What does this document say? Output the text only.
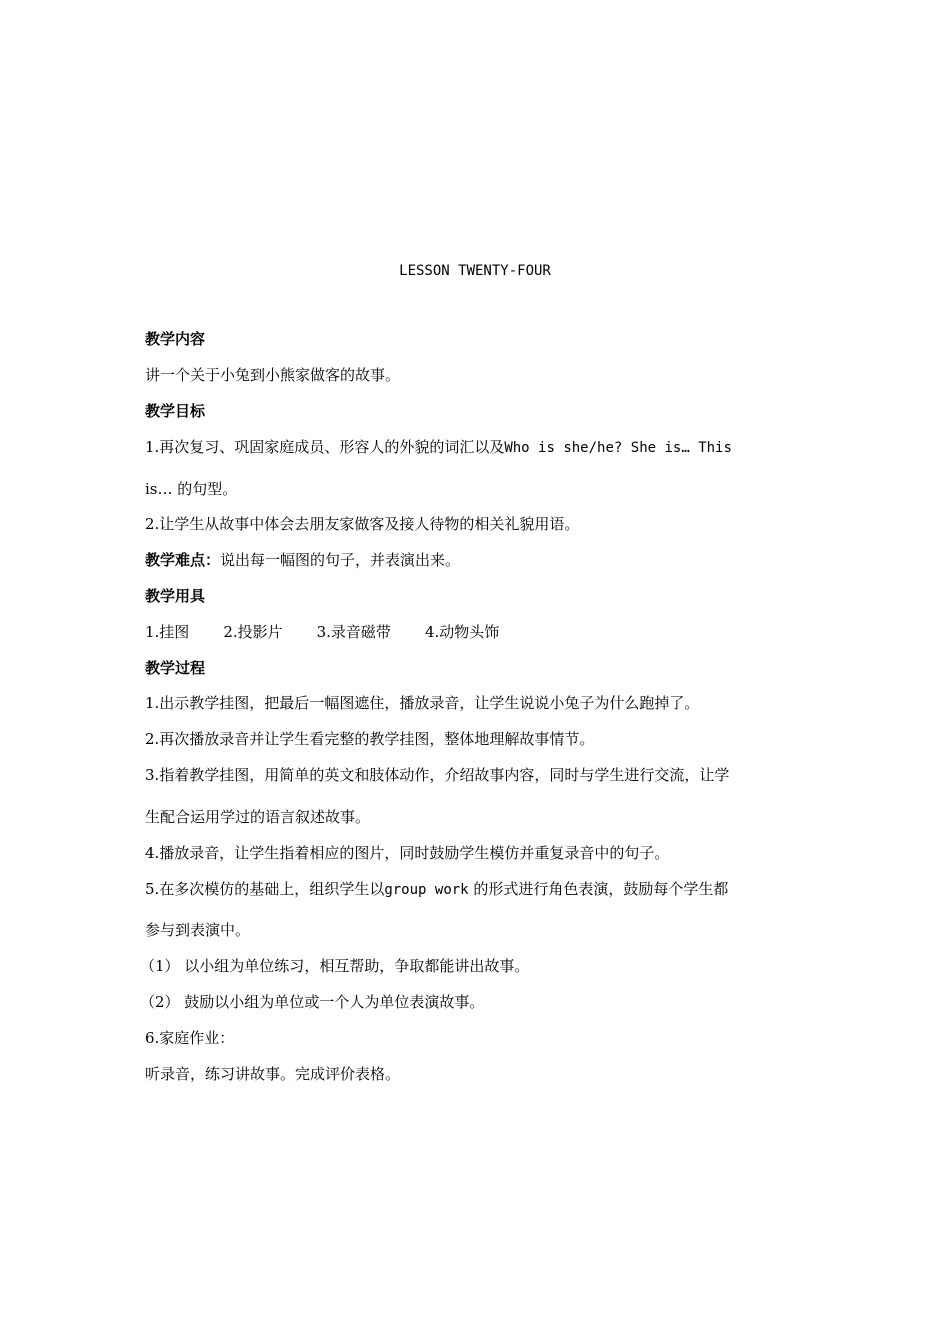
LESSON TWENTY-FOUR
教学内容
讲一个关于小兔到小熊家做客的故事。
教学目标
1.再次复习、巩固家庭成员、形容人的外貌的词汇以及Who is she/he? She is… This
is… 的句型。
2.让学生从故事中体会去朋友家做客及接人待物的相关礼貌用语。
教学难点：说出每一幅图的句子，并表演出来。
教学用具
1.挂图 2.投影片 3.录音磁带 4.动物头饰
教学过程
1.出示教学挂图，把最后一幅图遮住，播放录音，让学生说说小兔子为什么跑掉了。
2.再次播放录音并让学生看完整的教学挂图，整体地理解故事情节。
3.指着教学挂图，用简单的英文和肢体动作，介绍故事内容，同时与学生进行交流，让学
生配合运用学过的语言叙述故事。
4.播放录音，让学生指着相应的图片，同时鼓励学生模仿并重复录音中的句子。
5.在多次模仿的基础上，组织学生以group work 的形式进行角色表演，鼓励每个学生都
参与到表演中。
（1） 以小组为单位练习，相互帮助，争取都能讲出故事。
（2） 鼓励以小组为单位或一个人为单位表演故事。
6.家庭作业：
听录音，练习讲故事。完成评价表格。
